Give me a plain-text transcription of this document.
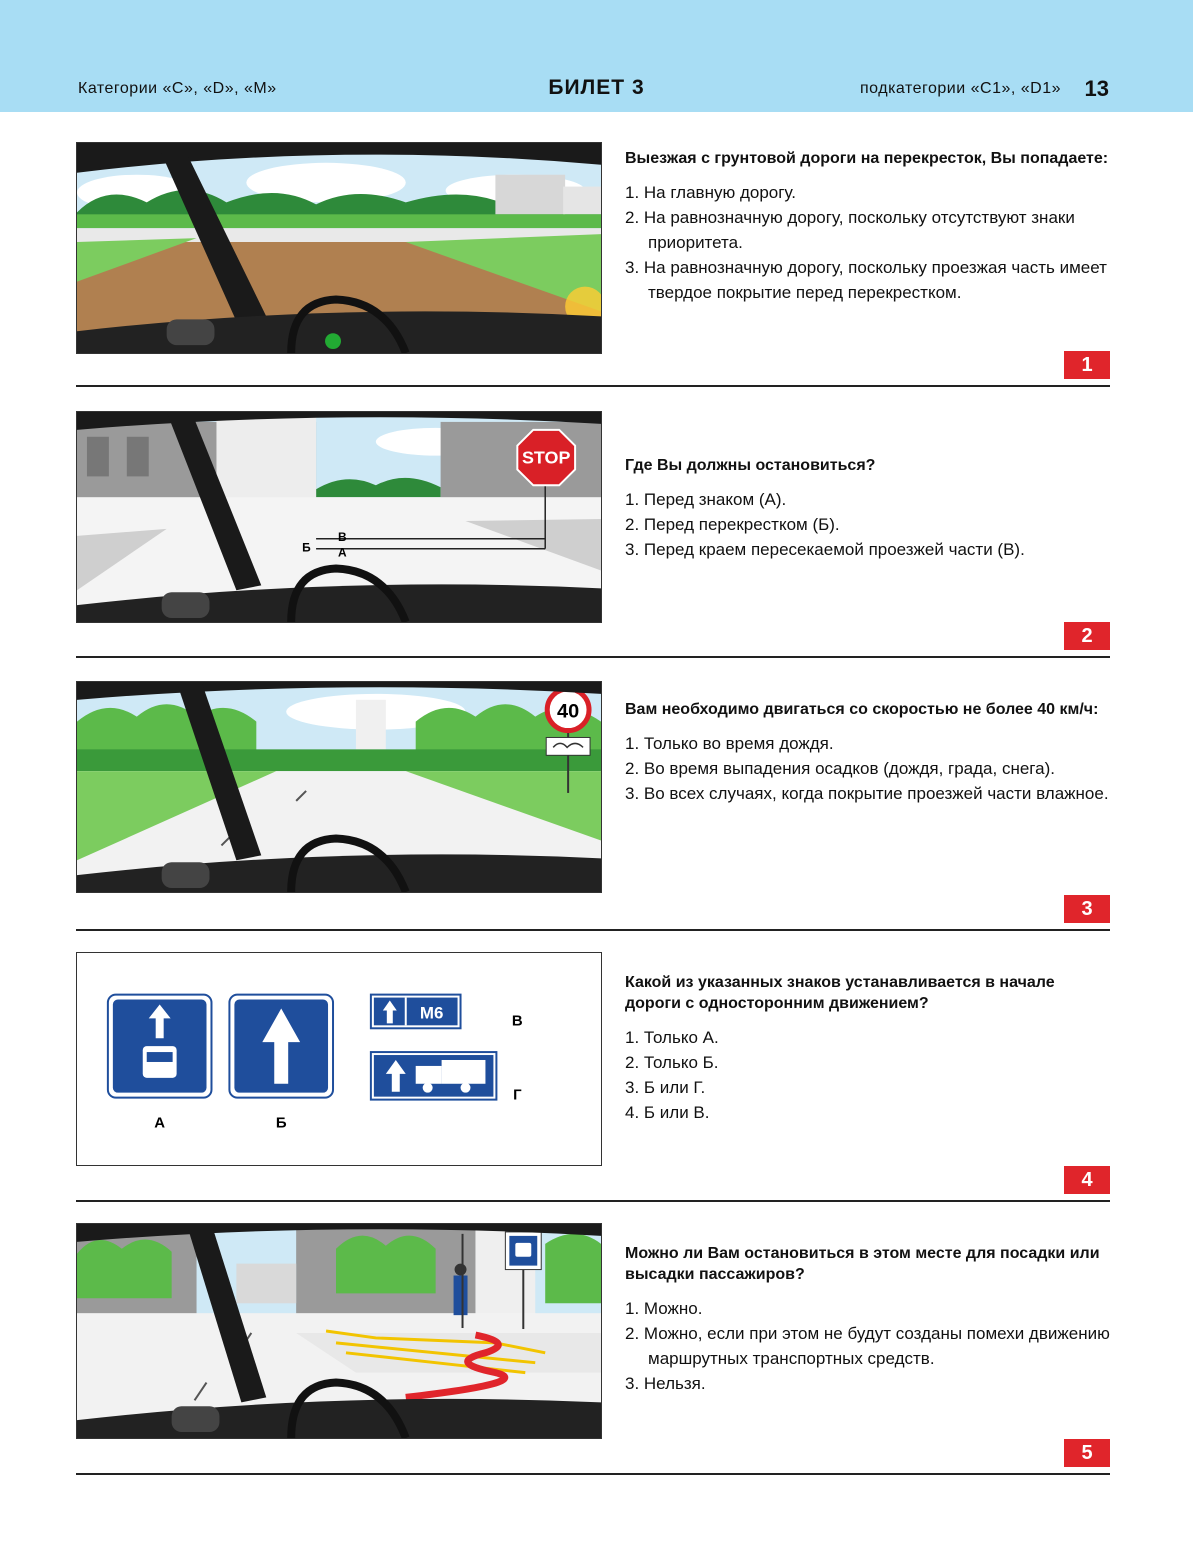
Категории «C», «D», «M»	БИЛЕТ 3	подкатегории «C1», «D1» 13

Выезжая с грунтовой дороги на перекресток, Вы попадаете:

1. На главную дорогу.

2. На равнозначную дорогу, поскольку отсутствуют знаки приоритета.

3. На равнозначную дорогу, поскольку проезжая часть имеет твердое покрытие перед перекрестком.

1
Б
В
А
STOP	Где Вы должны остановиться?

1. Перед знаком (А).

2. Перед перекрестком (Б).

3. Перед краем пересекаемой проезжей части (В).

2
40	Вам необходимо двигаться со скоростью не более 40 км/ч:

1. Только во время дождя.

2. Во время выпадения осадков (дождя, града, снега).

3. Во всех случаях, когда покрытие проезжей части влажное.

3
М6
А	Б
В
Г

Какой из указанных знаков устанавливается в начале дороги с односторонним движением?

1. Только А.

2. Только Б.

3. Б или Г.

4. Б или В.

4

Можно ли Вам остановиться в этом месте для посадки или высадки пассажиров?

1. Можно.

2. Можно, если при этом не будут созданы помехи движению маршрутных транспортных средств.

3. Нельзя.

5
